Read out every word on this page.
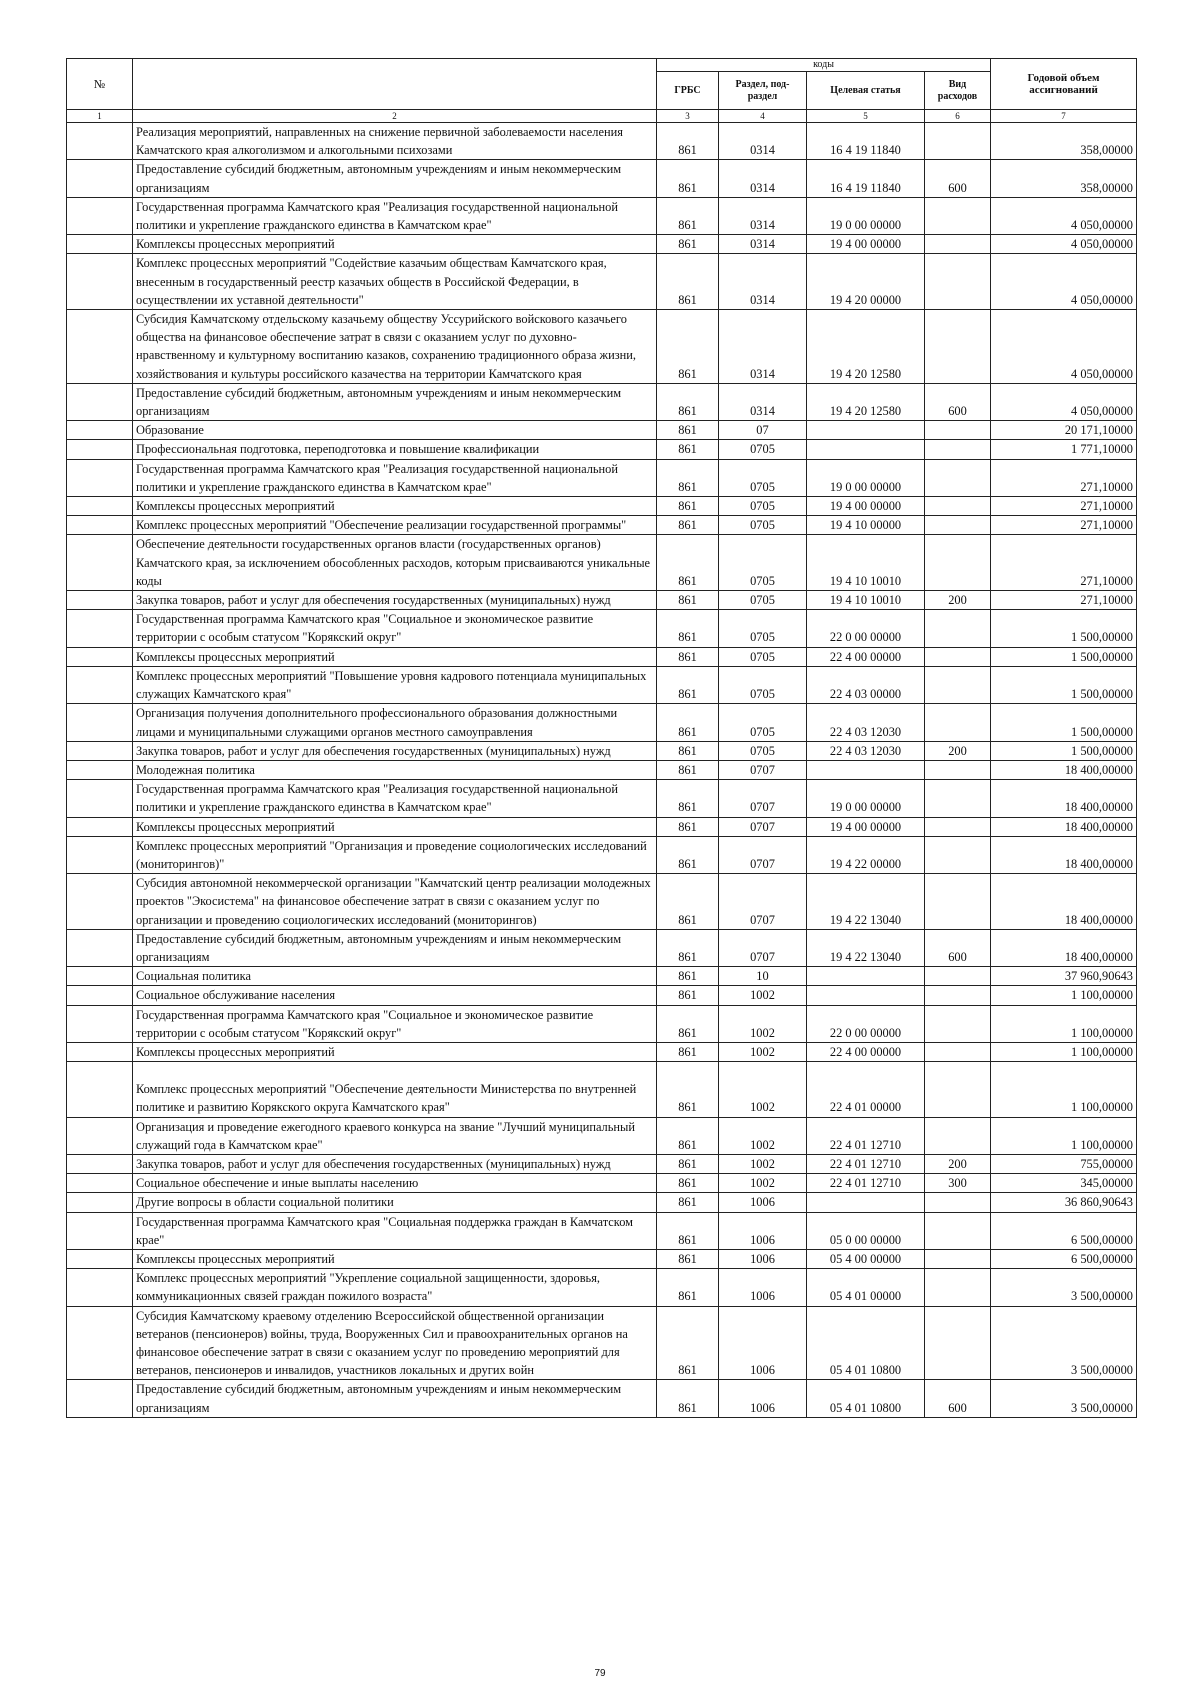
№		коды				Годовой объем ассигнований
		ГРБС	Раздел, под-раздел	Целевая статья	Вид расходов	
1	2	3	4	5	6	7
	Реализация мероприятий, направленных на снижение первичной заболеваемости населения Камчатского края алкоголизмом и алкогольными психозами	861	0314	16 4 19 11840		358,00000
	Предоставление субсидий бюджетным, автономным учреждениям и иным некоммерческим организациям	861	0314	16 4 19 11840	600	358,00000
	Государственная программа Камчатского края "Реализация государственной национальной политики и укрепление гражданского единства в Камчатском крае"	861	0314	19 0 00 00000		4 050,00000
	Комплексы процессных мероприятий	861	0314	19 4 00 00000		4 050,00000
	Комплекс процессных мероприятий "Содействие казачьим обществам Камчатского края, внесенным в государственный реестр казачьих обществ в Российской Федерации, в осуществлении их уставной деятельности"	861	0314	19 4 20 00000		4 050,00000
	Субсидия Камчатскому отдельскому казачьему обществу Уссурийского войскового казачьего общества на финансовое обеспечение затрат в связи с оказанием услуг по духовно-нравственному и культурному воспитанию казаков, сохранению традиционного образа жизни, хозяйствования и культуры российского казачества на территории Камчатского края	861	0314	19 4 20 12580		4 050,00000
	Предоставление субсидий бюджетным, автономным учреждениям и иным некоммерческим организациям	861	0314	19 4 20 12580	600	4 050,00000
	Образование	861	07			20 171,10000
	Профессиональная подготовка, переподготовка и повышение квалификации	861	0705			1 771,10000
	Государственная программа Камчатского края "Реализация государственной национальной политики и укрепление гражданского единства в Камчатском крае"	861	0705	19 0 00 00000		271,10000
	Комплексы процессных мероприятий	861	0705	19 4 00 00000		271,10000
	Комплекс процессных мероприятий "Обеспечение реализации государственной программы"	861	0705	19 4 10 00000		271,10000
	Обеспечение деятельности государственных органов власти (государственных органов) Камчатского края, за исключением обособленных расходов, которым присваиваются уникальные коды	861	0705	19 4 10 10010		271,10000
	Закупка товаров, работ и услуг для обеспечения государственных (муниципальных) нужд	861	0705	19 4 10 10010	200	271,10000
	Государственная программа Камчатского края "Социальное и экономическое развитие территории с особым статусом "Корякский округ"	861	0705	22 0 00 00000		1 500,00000
	Комплексы процессных мероприятий	861	0705	22 4 00 00000		1 500,00000
	Комплекс процессных мероприятий "Повышение уровня кадрового потенциала муниципальных служащих Камчатского края"	861	0705	22 4 03 00000		1 500,00000
	Организация получения дополнительного профессионального образования должностными лицами и муниципальными служащими органов местного самоуправления	861	0705	22 4 03 12030		1 500,00000
	Закупка товаров, работ и услуг для обеспечения государственных (муниципальных) нужд	861	0705	22 4 03 12030	200	1 500,00000
	Молодежная политика	861	0707			18 400,00000
	Государственная программа Камчатского края "Реализация государственной национальной политики и укрепление гражданского единства в Камчатском крае"	861	0707	19 0 00 00000		18 400,00000
	Комплексы процессных мероприятий	861	0707	19 4 00 00000		18 400,00000
	Комплекс процессных мероприятий "Организация и проведение социологических исследований (мониторингов)"	861	0707	19 4 22 00000		18 400,00000
	Субсидия автономной некоммерческой организации "Камчатский центр реализации молодежных проектов "Экосистема" на финансовое обеспечение затрат в связи с оказанием услуг по организации и проведению социологических исследований (мониторингов)	861	0707	19 4 22 13040		18 400,00000
	Предоставление субсидий бюджетным, автономным учреждениям и иным некоммерческим организациям	861	0707	19 4 22 13040	600	18 400,00000
	Социальная политика	861	10			37 960,90643
	Социальное обслуживание населения	861	1002			1 100,00000
	Государственная программа Камчатского края "Социальное и экономическое развитие территории с особым статусом "Корякский округ"	861	1002	22 0 00 00000		1 100,00000
	Комплексы процессных мероприятий	861	1002	22 4 00 00000		1 100,00000
	Комплекс процессных мероприятий "Обеспечение деятельности Министерства по внутренней политике и развитию Корякского округа Камчатского края"	861	1002	22 4 01 00000		1 100,00000
	Организация и проведение ежегодного краевого конкурса на звание "Лучший муниципальный служащий года в Камчатском крае"	861	1002	22 4 01 12710		1 100,00000
	Закупка товаров, работ и услуг для обеспечения государственных (муниципальных) нужд	861	1002	22 4 01 12710	200	755,00000
	Социальное обеспечение и иные выплаты населению	861	1002	22 4 01 12710	300	345,00000
	Другие вопросы в области социальной политики	861	1006			36 860,90643
	Государственная программа Камчатского края "Социальная поддержка граждан в Камчатском крае"	861	1006	05 0 00 00000		6 500,00000
	Комплексы процессных мероприятий	861	1006	05 4 00 00000		6 500,00000
	Комплекс процессных мероприятий "Укрепление социальной защищенности, здоровья, коммуникационных связей граждан пожилого возраста"	861	1006	05 4 01 00000		3 500,00000
	Субсидия Камчатскому краевому отделению Всероссийской общественной организации ветеранов (пенсионеров) войны, труда, Вооруженных Сил и правоохранительных органов на финансовое обеспечение затрат в связи с оказанием услуг по проведению мероприятий для ветеранов, пенсионеров и инвалидов, участников локальных и других войн	861	1006	05 4 01 10800		3 500,00000
	Предоставление субсидий бюджетным, автономным учреждениям и иным некоммерческим организациям	861	1006	05 4 01 10800	600	3 500,00000
79
